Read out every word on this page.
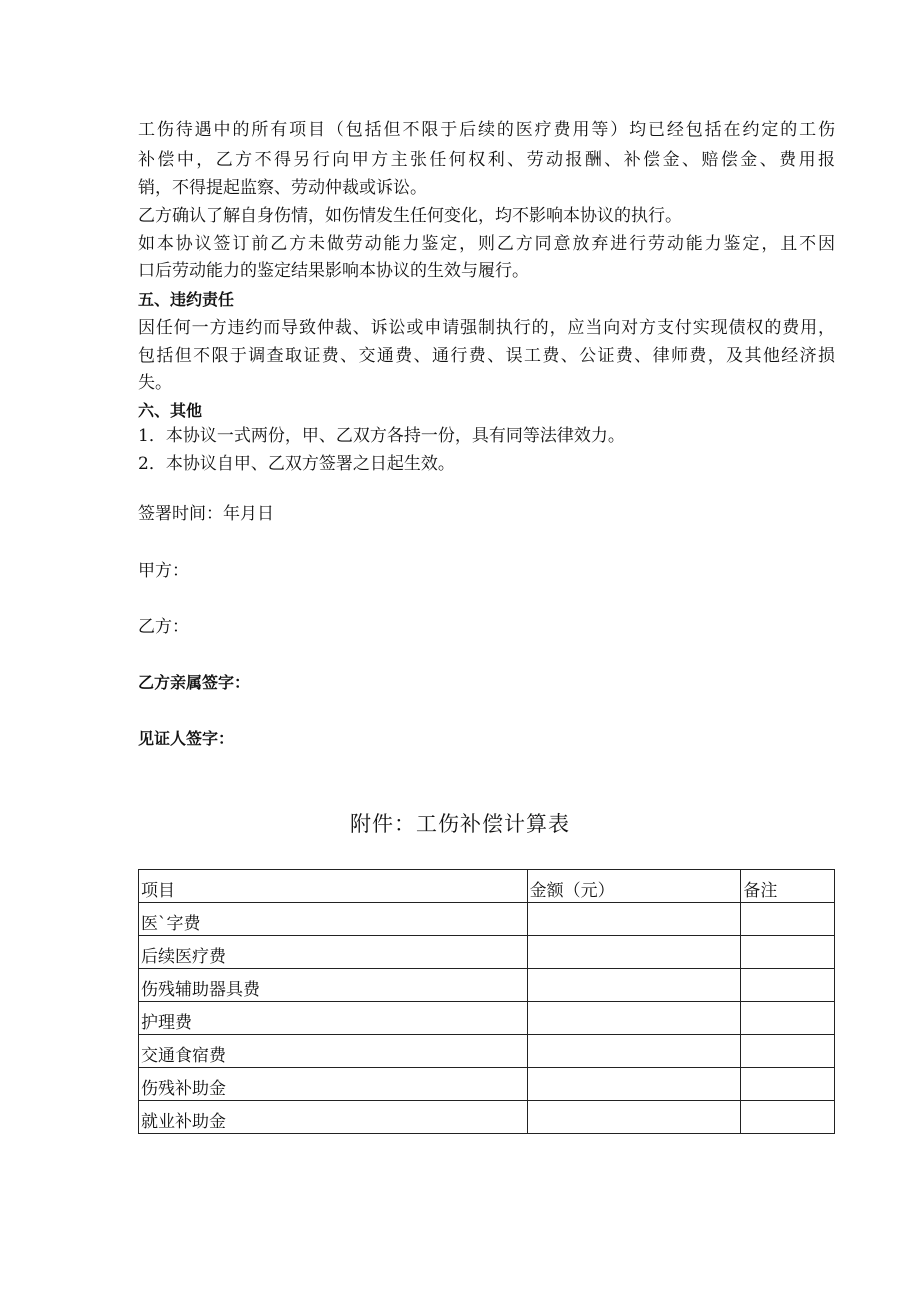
工伤待遇中的所有项目（包括但不限于后续的医疗费用等）均已经包括在约定的工伤
补偿中，乙方不得另行向甲方主张任何权利、劳动报酬、补偿金、赔偿金、费用报
销，不得提起监察、劳动仲裁或诉讼。
乙方确认了解自身伤情，如伤情发生任何变化，均不影响本协议的执行。
如本协议签订前乙方未做劳动能力鉴定，则乙方同意放弃进行劳动能力鉴定，且不因
口后劳动能力的鉴定结果影响本协议的生效与履行。
五、违约责任
因任何一方违约而导致仲裁、诉讼或申请强制执行的，应当向对方支付实现债权的费用，
包括但不限于调查取证费、交通费、通行费、误工费、公证费、律师费，及其他经济损
失。
六、其他
1．本协议一式两份，甲、乙双方各持一份，具有同等法律效力。
2．本协议自甲、乙双方签署之日起生效。
签署时间：年月日
甲方：
乙方：
乙方亲属签字：
见证人签字：
附件：工伤补偿计算表
项目	金额（元）	备注
医`字费		
后续医疗费		
伤残辅助器具费		
护理费		
交通食宿费		
伤残补助金		
就业补助金		
